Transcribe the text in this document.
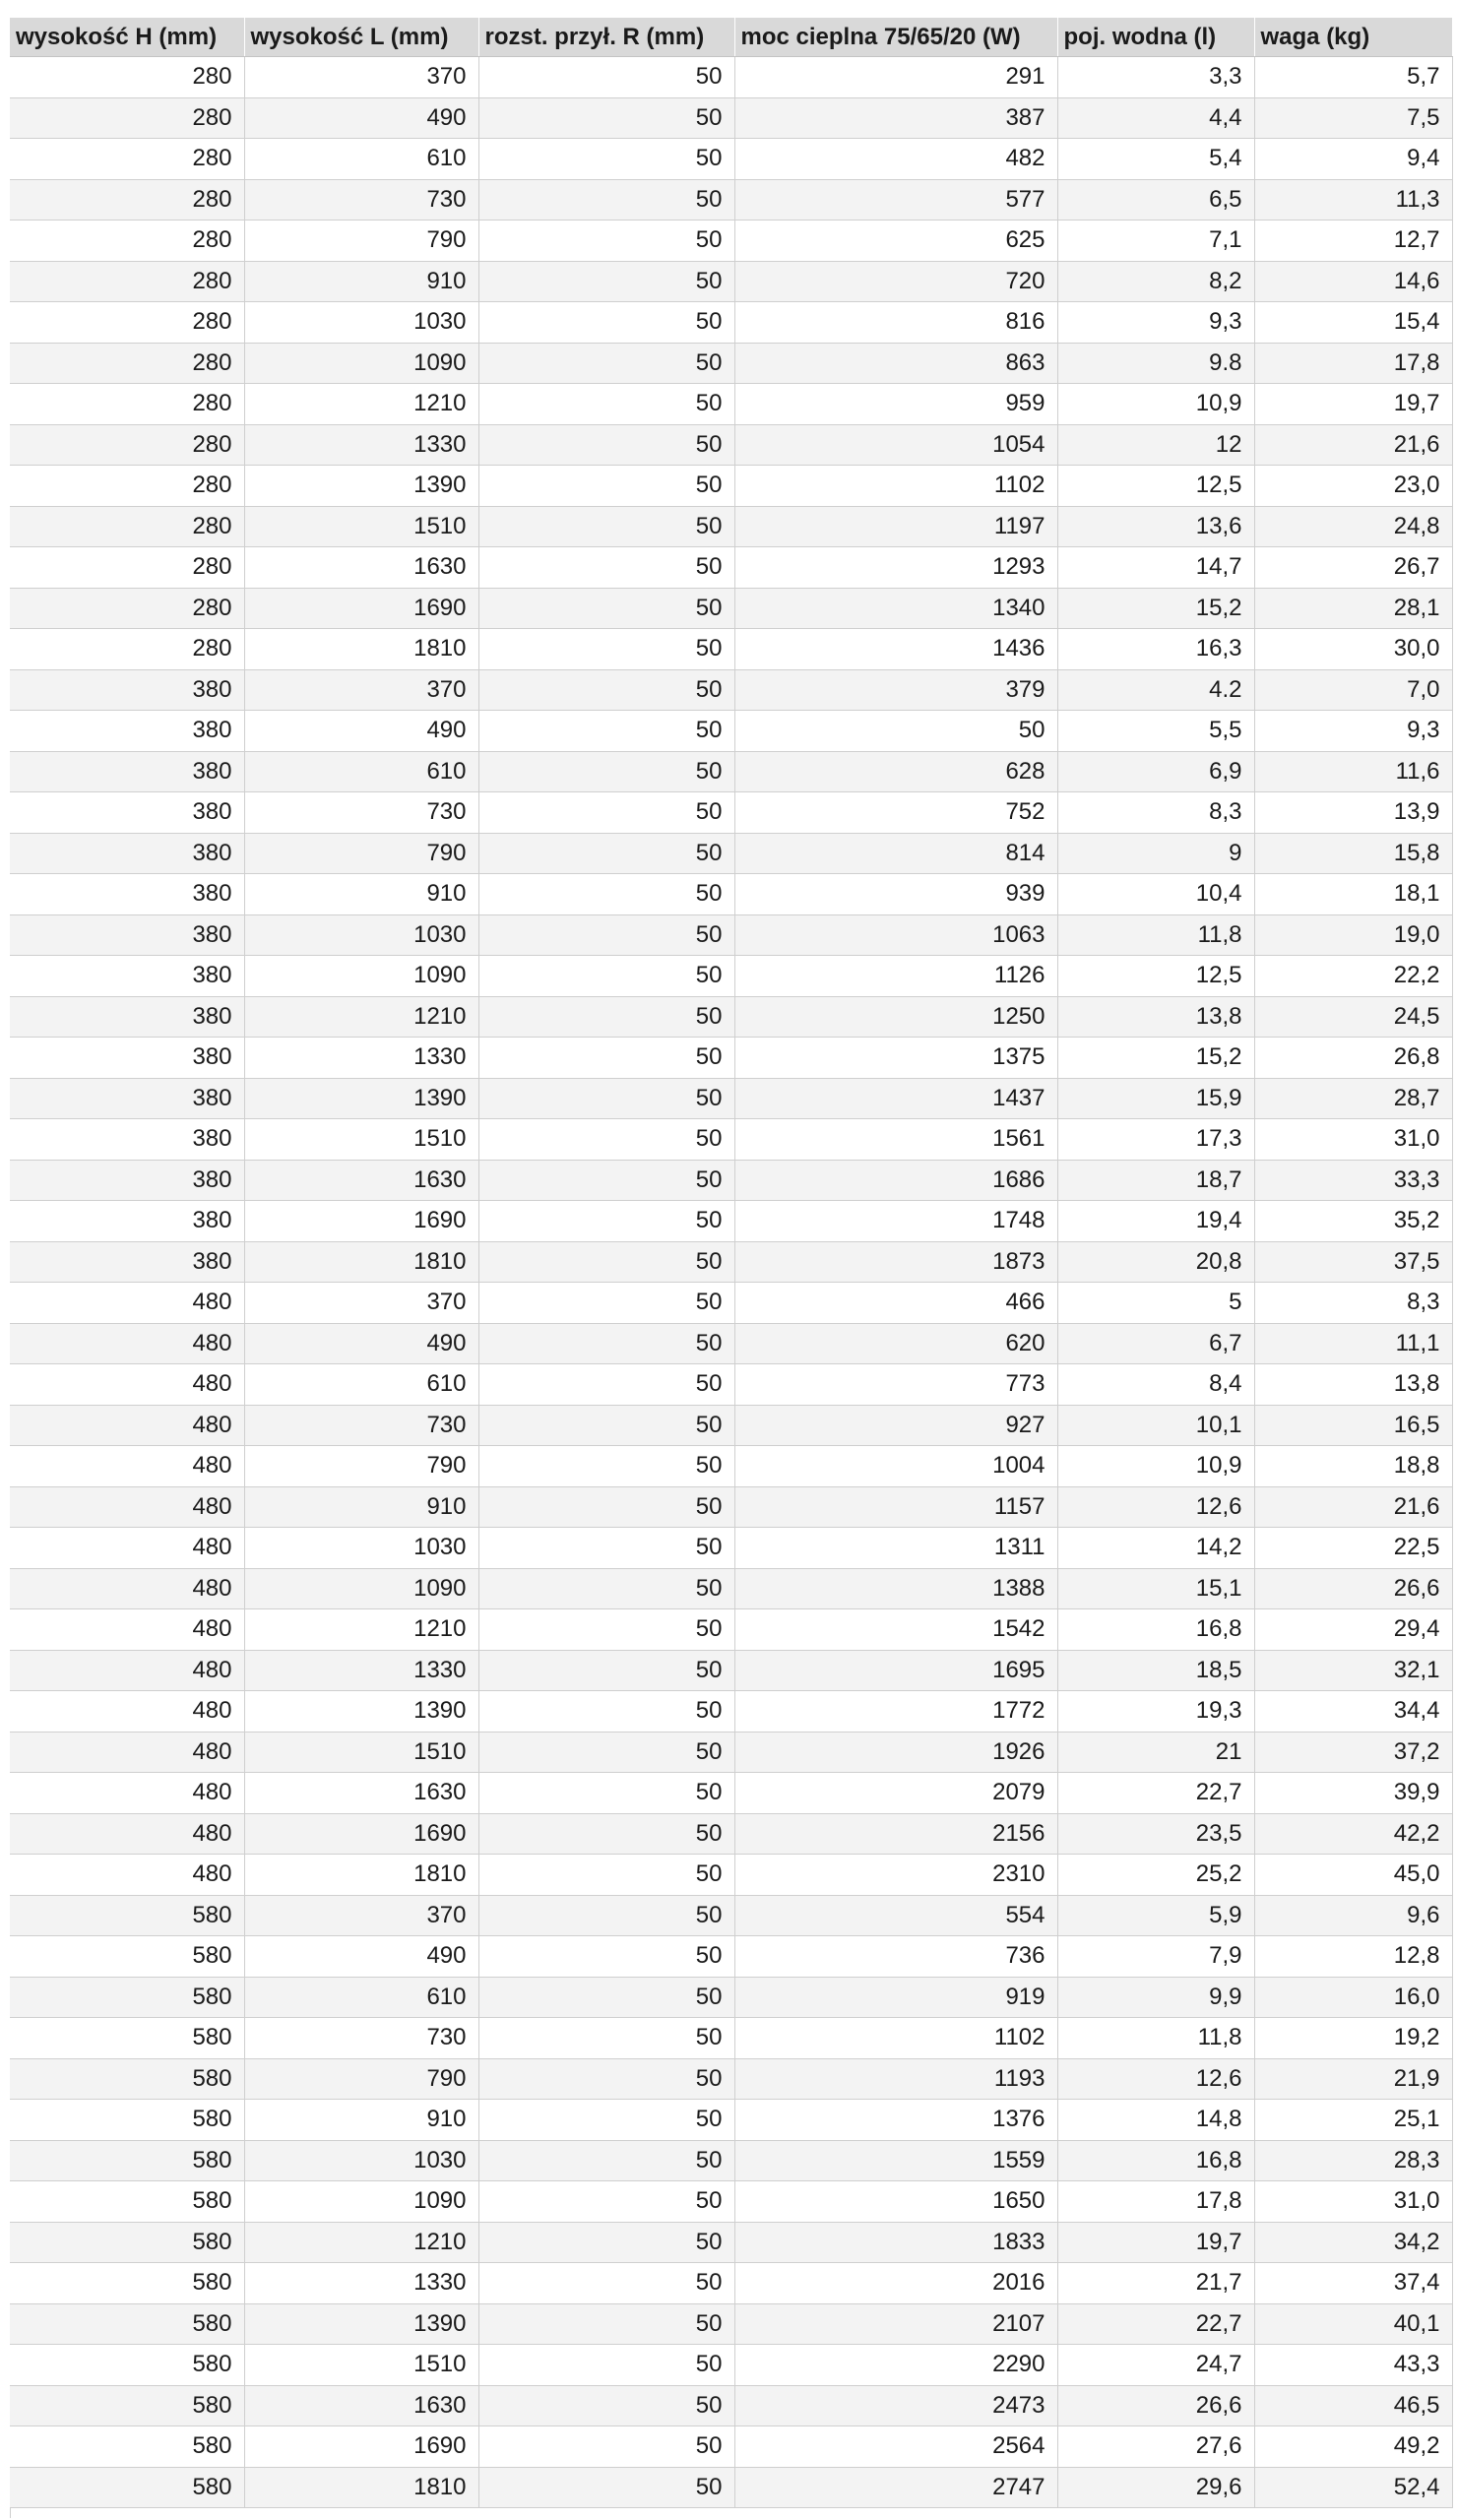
wysokość H (mm)	wysokość L (mm)	rozst. przył. R (mm)	moc cieplna 75/65/20 (W)	poj. wodna (l)	waga (kg)
280	370	50	291	3,3	5,7
280	490	50	387	4,4	7,5
280	610	50	482	5,4	9,4
280	730	50	577	6,5	11,3
280	790	50	625	7,1	12,7
280	910	50	720	8,2	14,6
280	1030	50	816	9,3	15,4
280	1090	50	863	9.8	17,8
280	1210	50	959	10,9	19,7
280	1330	50	1054	12	21,6
280	1390	50	1102	12,5	23,0
280	1510	50	1197	13,6	24,8
280	1630	50	1293	14,7	26,7
280	1690	50	1340	15,2	28,1
280	1810	50	1436	16,3	30,0
380	370	50	379	4.2	7,0
380	490	50	50	5,5	9,3
380	610	50	628	6,9	11,6
380	730	50	752	8,3	13,9
380	790	50	814	9	15,8
380	910	50	939	10,4	18,1
380	1030	50	1063	11,8	19,0
380	1090	50	1126	12,5	22,2
380	1210	50	1250	13,8	24,5
380	1330	50	1375	15,2	26,8
380	1390	50	1437	15,9	28,7
380	1510	50	1561	17,3	31,0
380	1630	50	1686	18,7	33,3
380	1690	50	1748	19,4	35,2
380	1810	50	1873	20,8	37,5
480	370	50	466	5	8,3
480	490	50	620	6,7	11,1
480	610	50	773	8,4	13,8
480	730	50	927	10,1	16,5
480	790	50	1004	10,9	18,8
480	910	50	1157	12,6	21,6
480	1030	50	1311	14,2	22,5
480	1090	50	1388	15,1	26,6
480	1210	50	1542	16,8	29,4
480	1330	50	1695	18,5	32,1
480	1390	50	1772	19,3	34,4
480	1510	50	1926	21	37,2
480	1630	50	2079	22,7	39,9
480	1690	50	2156	23,5	42,2
480	1810	50	2310	25,2	45,0
580	370	50	554	5,9	9,6
580	490	50	736	7,9	12,8
580	610	50	919	9,9	16,0
580	730	50	1102	11,8	19,2
580	790	50	1193	12,6	21,9
580	910	50	1376	14,8	25,1
580	1030	50	1559	16,8	28,3
580	1090	50	1650	17,8	31,0
580	1210	50	1833	19,7	34,2
580	1330	50	2016	21,7	37,4
580	1390	50	2107	22,7	40,1
580	1510	50	2290	24,7	43,3
580	1630	50	2473	26,6	46,5
580	1690	50	2564	27,6	49,2
580	1810	50	2747	29,6	52,4
